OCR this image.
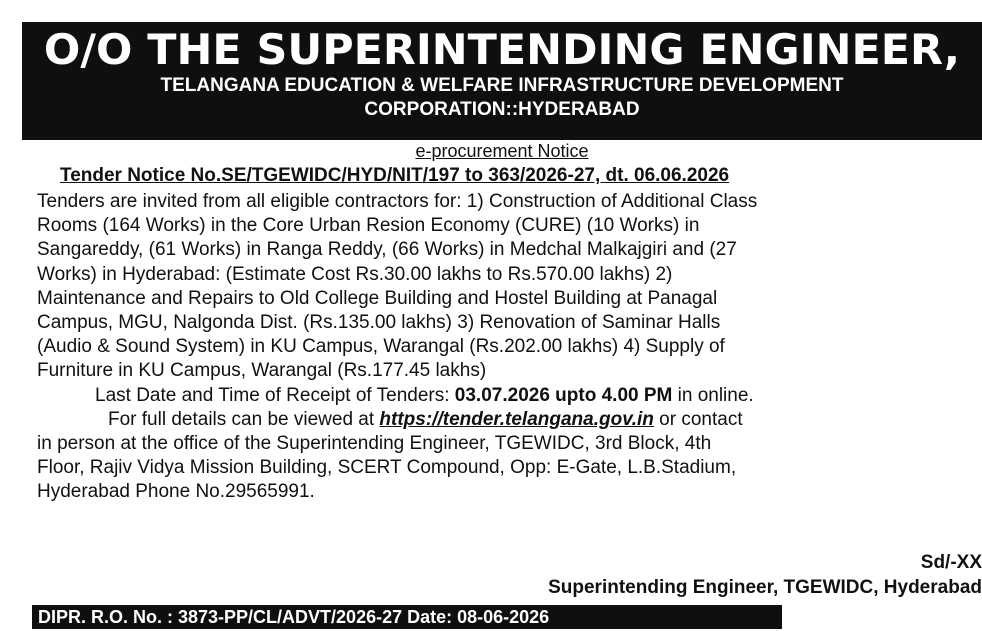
O/O THE SUPERINTENDING ENGINEER,
TELANGANA EDUCATION & WELFARE INFRASTRUCTURE DEVELOPMENT
CORPORATION::HYDERABAD
e-procurement Notice
Tender Notice No.SE/TGEWIDC/HYD/NIT/197 to 363/2026-27, dt. 06.06.2026
Tenders are invited from all eligible contractors for: 1) Construction of Additional Class
Rooms (164 Works) in the Core Urban Resion Economy (CURE) (10 Works) in
Sangareddy, (61 Works) in Ranga Reddy, (66 Works) in Medchal Malkajgiri and (27
Works) in Hyderabad: (Estimate Cost Rs.30.00 lakhs to Rs.570.00 lakhs) 2)
Maintenance and Repairs to Old College Building and Hostel Building at Panagal
Campus, MGU, Nalgonda Dist. (Rs.135.00 lakhs) 3) Renovation of Saminar Halls
(Audio & Sound System) in KU Campus, Warangal (Rs.202.00 lakhs) 4) Supply of
Furniture in KU Campus, Warangal (Rs.177.45 lakhs)
Last Date and Time of Receipt of Tenders: 03.07.2026 upto 4.00 PM in online.
For full details can be viewed at https://tender.telangana.gov.in or contact
in person at the office of the Superintending Engineer, TGEWIDC, 3rd Block, 4th
Floor, Rajiv Vidya Mission Building, SCERT Compound, Opp: E-Gate, L.B.Stadium,
Hyderabad Phone No.29565991.
Sd/-XX
Superintending Engineer, TGEWIDC, Hyderabad
DIPR. R.O. No. : 3873-PP/CL/ADVT/2026-27 Date: 08-06-2026
